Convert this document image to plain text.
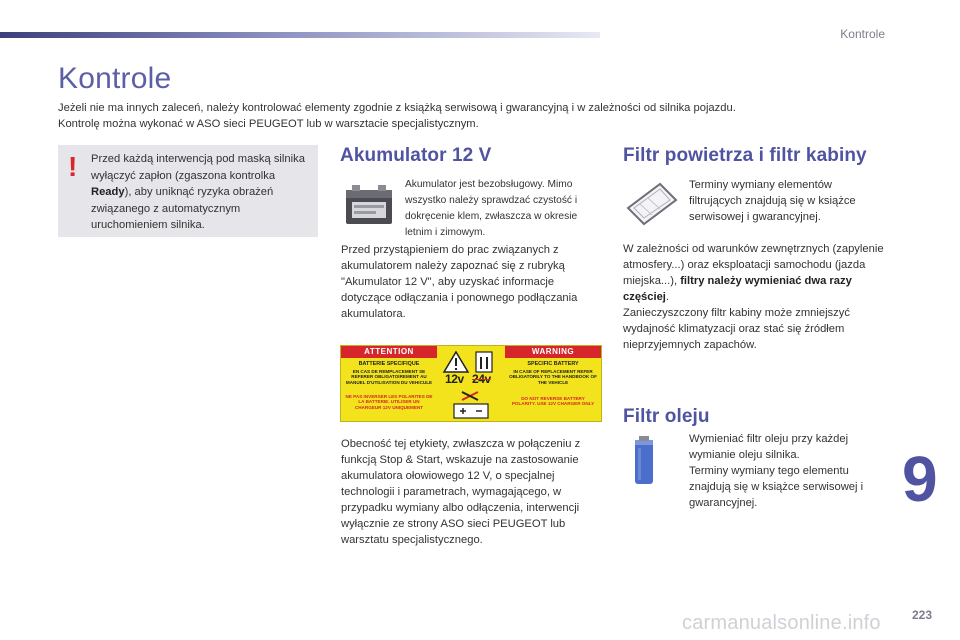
Kontrole
Kontrole

Jeżeli nie ma innych zaleceń, należy kontrolować elementy zgodnie z książką serwisową i gwarancyjną i w zależności od silnika pojazdu.

Kontrolę można wykonać w ASO sieci PEUGEOT lub w warsztacie specjalistycznym.

! Przed każdą interwencją pod maską silnika wyłączyć zapłon (zgaszona kontrolka Ready), aby uniknąć ryzyka obrażeń związanego z automatycznym uruchomieniem silnika.
Akumulator 12 V
Akumulator jest bezobsługowy. Mimo wszystko należy sprawdzać czystość i dokręcenie klem, zwłaszcza w okresie letnim i zimowym.
Przed przystąpieniem do prac związanych z akumulatorem należy zapoznać się z rubryką "Akumulator 12 V", aby uzyskać informacje dotyczące odłączania i ponownego podłączania akumulatora.
ATTENTION	WARNING
12v 24v
BATTERIE SPECIFIQUE
EN CAS DE REMPLACEMENT SE REFERER OBLIGATOIREMENT AU MANUEL D'UTILISATION DU VEHICULE
NE PAS INVERSER LES POLARITES DE LA BATTERIE. UTILISER UN CHARGEUR 12V UNIQUEMENT
SPECIFIC BATTERY
IN CASE OF REPLACEMENT REFER OBLIGATORILY TO THE HANDBOOK OF THE VEHICLE
DO NOT REVERSE BATTERY POLARITY. USE 12V CHARGER ONLY
Obecność tej etykiety, zwłaszcza w połączeniu z funkcją Stop & Start, wskazuje na zastosowanie akumulatora ołowiowego 12 V, o specjalnej technologii i parametrach, wymagającego, w przypadku wymiany albo odłączenia, interwencji wyłącznie ze strony ASO sieci PEUGEOT lub warsztatu specjalistycznego.
Filtr powietrza i filtr kabiny
Terminy wymiany elementów filtrujących znajdują się w książce serwisowej i gwarancyjnej.
W zależności od warunków zewnętrznych (zapylenie atmosfery...) oraz eksploatacji samochodu (jazda miejska...), filtry należy wymieniać dwa razy częściej.
Zanieczyszczony filtr kabiny może zmniejszyć wydajność klimatyzacji oraz stać się źródłem nieprzyjemnych zapachów.
Filtr oleju
Wymieniać filtr oleju przy każdej wymianie oleju silnika.
Terminy wymiany tego elementu znajdują się w książce serwisowej i gwarancyjnej.	9
carmanualsonline.info	223
